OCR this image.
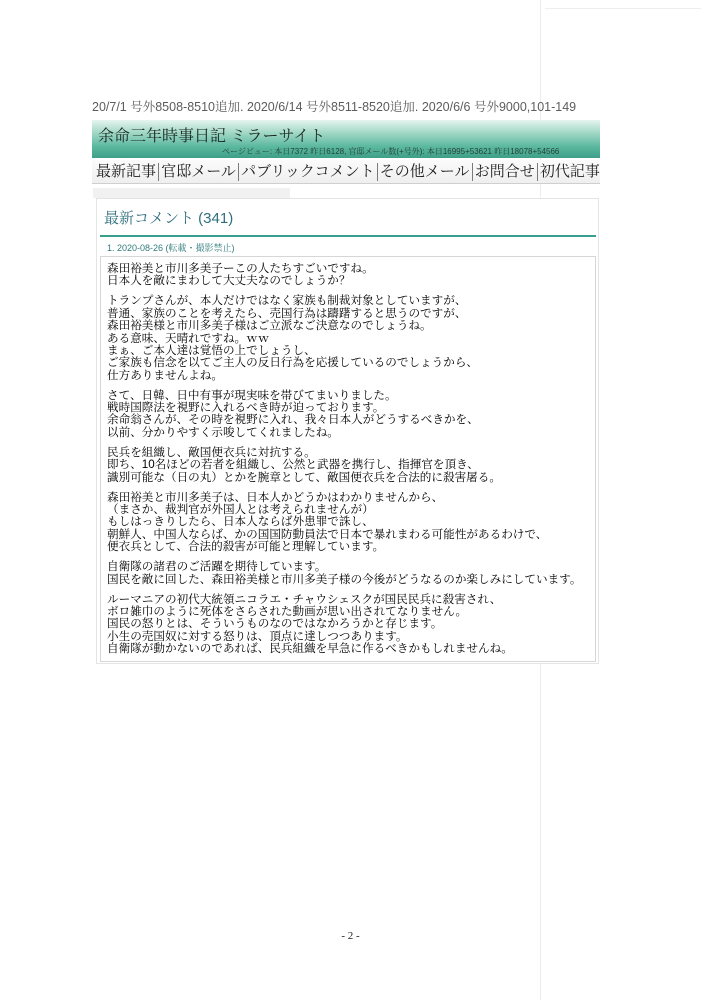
20/7/1 号外8508-8510追加. 2020/6/14 号外8511-8520追加. 2020/6/6 号外9000,101-149
余命三年時事日記 ミラーサイト
ページビュー: 本日7372 昨日6128, 官邸メール数(+号外): 本日16995+53621 昨日18078+54566
最新記事 官邸メール パブリックコメント その他メール お問合せ 初代記事
最新コメント (341)
1. 2020-08-26 (転載・撮影禁止)
森田裕美と市川多美子ーこの人たちすごいですね。
日本人を敵にまわして大丈夫なのでしょうか？
トランプさんが、本人だけではなく家族も制裁対象としていますが、
普通、家族のことを考えたら、売国行為は躊躇すると思うのですが、
森田裕美様と市川多美子様はご立派なご決意なのでしょうね。
ある意味、天晴れですね。ｗｗ
まぁ、ご本人達は覚悟の上でしょうし、
ご家族も信念を以てご主人の反日行為を応援しているのでしょうから、
仕方ありませんよね。
さて、日韓、日中有事が現実味を帯びてまいりました。
戦時国際法を視野に入れるべき時が迫っております。
余命翁さんが、その時を視野に入れ、我々日本人がどうするべきかを、
以前、分かりやすく示唆してくれましたね。
民兵を組織し、敵国便衣兵に対抗する。
即ち、10名ほどの若者を組織し、公然と武器を携行し、指揮官を頂き、
識別可能な（日の丸）とかを腕章として、敵国便衣兵を合法的に殺害屠る。
森田裕美と市川多美子は、日本人かどうかはわかりませんから、
（まさか、裁判官が外国人とは考えられませんが）
もしはっきりしたら、日本人ならば外患罪で誅し、
朝鮮人、中国人ならば、かの国国防動員法で日本で暴れまわる可能性があるわけで、
便衣兵として、合法的殺害が可能と理解しています。
自衛隊の諸君のご活躍を期待しています。
国民を敵に回した、森田裕美様と市川多美子様の今後がどうなるのか楽しみにしています。
ルーマニアの初代大統領ニコラエ・チャウシェスクが国民民兵に殺害され、
ボロ雑巾のように死体をさらされた動画が思い出されてなりません。
国民の怒りとは、そういうものなのではなかろうかと存じます。
小生の売国奴に対する怒りは、頂点に達しつつあります。
自衛隊が動かないのであれば、民兵組織を早急に作るべきかもしれませんね。
- 2 -
